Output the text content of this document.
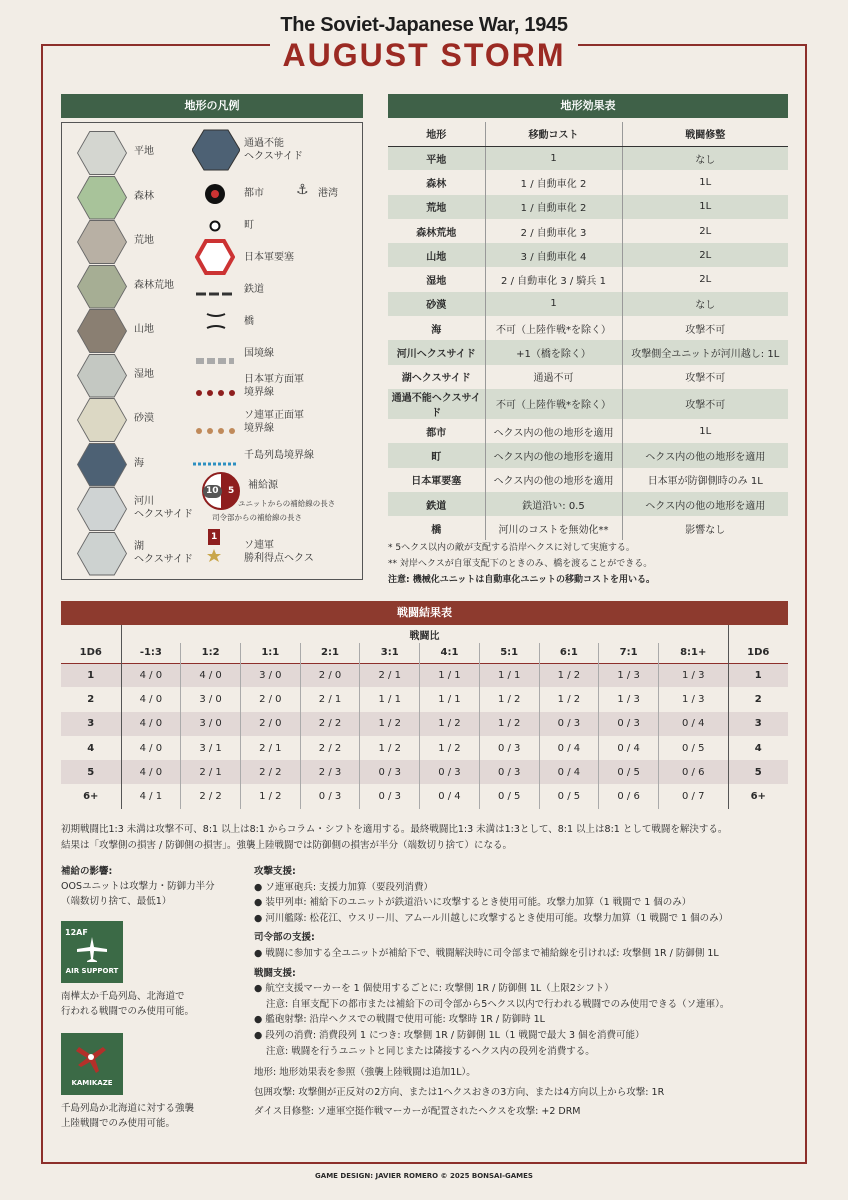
The Soviet-Japanese War, 1945
AUGUST STORM
地形の凡例
平地
森林
荒地
森林荒地
山地
湿地
砂漠
海
河川
ヘクスサイド
湖
ヘクスサイド
通過不能
ヘクスサイド
都市 ⚓ 港湾
町
日本軍要塞
鉄道
橋
国境線
日本軍方面軍
境界線
ソ連軍正面軍
境界線
千島列島境界線
10	5 補給源
ユニットからの補給線の長さ
司令部からの補給線の長さ
1
ソ連軍
勝利得点ヘクス
地形効果表
地形	移動コスト	戦闘修整
平地	1	なし
森林	1 / 自動車化 2	1L
荒地	1 / 自動車化 2	1L
森林荒地	2 / 自動車化 3	2L
山地	3 / 自動車化 4	2L
湿地	2 / 自動車化 3 / 騎兵 1	2L
砂漠	1	なし
海	不可（上陸作戦*を除く）	攻撃不可
河川ヘクスサイド	+1（橋を除く）	攻撃側全ユニットが河川越し: 1L
湖ヘクスサイド	通過不可	攻撃不可
通過不能ヘクスサイド	不可（上陸作戦*を除く）	攻撃不可
都市	ヘクス内の他の地形を適用	1L
町	ヘクス内の他の地形を適用	ヘクス内の他の地形を適用
日本軍要塞	ヘクス内の他の地形を適用	日本軍が防御側時のみ 1L
鉄道	鉄道沿い: 0.5	ヘクス内の他の地形を適用
橋	河川のコストを無効化**	影響なし
* 5ヘクス以内の敵が支配する沿岸ヘクスに対して実施する。
** 対岸ヘクスが自軍支配下のときのみ、橋を渡ることができる。
注意: 機械化ユニットは自動車化ユニットの移動コストを用いる。
戦闘結果表
	戦闘比										
1D6	-1:3	1:2	1:1	2:1	3:1	4:1	5:1	6:1	7:1	8:1+	1D6
1	4 / 0	4 / 0	3 / 0	2 / 0	2 / 1	1 / 1	1 / 1	1 / 2	1 / 3	1 / 3	1
2	4 / 0	3 / 0	2 / 0	2 / 1	1 / 1	1 / 1	1 / 2	1 / 2	1 / 3	1 / 3	2
3	4 / 0	3 / 0	2 / 0	2 / 2	1 / 2	1 / 2	1 / 2	0 / 3	0 / 3	0 / 4	3
4	4 / 0	3 / 1	2 / 1	2 / 2	1 / 2	1 / 2	0 / 3	0 / 4	0 / 4	0 / 5	4
5	4 / 0	2 / 1	2 / 2	2 / 3	0 / 3	0 / 3	0 / 3	0 / 4	0 / 5	0 / 6	5
6+	4 / 1	2 / 2	1 / 2	0 / 3	0 / 3	0 / 4	0 / 5	0 / 5	0 / 6	0 / 7	6+
初期戦闘比1:3 未満は攻撃不可、8:1 以上は8:1 からコラム・シフトを適用する。最終戦闘比1:3 未満は1:3として、8:1 以上は8:1 として戦闘を解決する。
結果は「攻撃側の損害 / 防御側の損害」。強襲上陸戦闘では防御側の損害が半分（端数切り捨て）になる。
補給の影響:
OOSユニットは攻撃力・防御力半分
（端数切り捨て、最低1）
12AF
AIR SUPPORT
南樺太か千島列島、北海道で
行われる戦闘でのみ使用可能。
KAMIKAZE
千島列島か北海道に対する強襲
上陸戦闘でのみ使用可能。
攻撃支援:
● ソ連軍砲兵: 支援力加算（要段列消費）
● 装甲列車: 補給下のユニットが鉄道沿いに攻撃するとき使用可能。攻撃力加算（1 戦闘で 1 個のみ）
● 河川艦隊: 松花江、ウスリー川、アムール川越しに攻撃するとき使用可能。攻撃力加算（1 戦闘で 1 個のみ）
司令部の支援:
● 戦闘に参加する全ユニットが補給下で、戦闘解決時に司令部まで補給線を引ければ: 攻撃側 1R / 防御側 1L
戦闘支援:
● 航空支援マーカーを 1 個使用するごとに: 攻撃側 1R / 防御側 1L（上限2シフト）
注意: 自軍支配下の都市または補給下の司令部から5ヘクス以内で行われる戦闘でのみ使用できる（ソ連軍）。
● 艦砲射撃: 沿岸ヘクスでの戦闘で使用可能: 攻撃時 1R / 防御時 1L
● 段列の消費: 消費段列 1 につき: 攻撃側 1R / 防御側 1L（1 戦闘で最大 3 個を消費可能）
注意: 戦闘を行うユニットと同じまたは隣接するヘクス内の段列を消費する。
地形: 地形効果表を参照（強襲上陸戦闘は追加1L）。
包囲攻撃: 攻撃側が正反対の2方向、または1ヘクスおきの3方向、または4方向以上から攻撃: 1R
ダイス目修整: ソ連軍空挺作戦マーカーが配置されたヘクスを攻撃: +2 DRM
GAME DESIGN: JAVIER ROMERO © 2025 BONSAI-GAMES
